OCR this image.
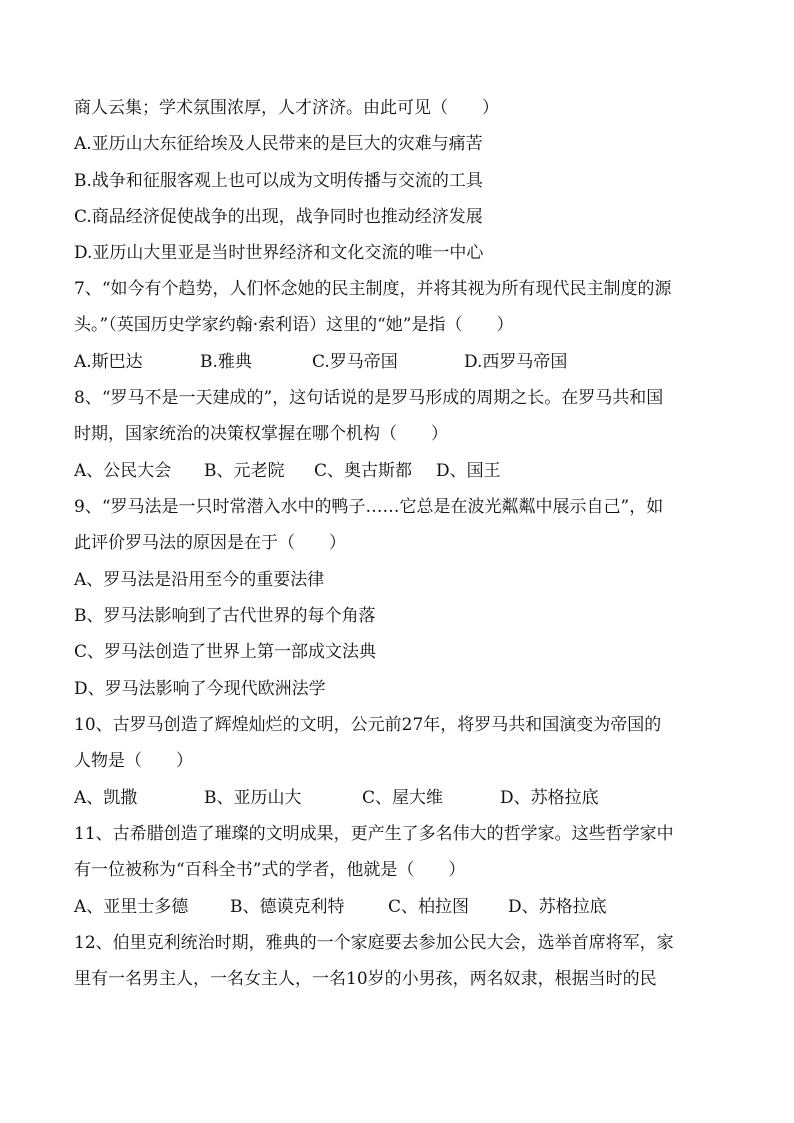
商人云集；学术氛围浓厚，人才济济。由此可见（　　）
A.亚历山大东征给埃及人民带来的是巨大的灾难与痛苦
B.战争和征服客观上也可以成为文明传播与交流的工具
C.商品经济促使战争的出现，战争同时也推动经济发展
D.亚历山大里亚是当时世界经济和文化交流的唯一中心
7、“如今有个趋势，人们怀念她的民主制度，并将其视为所有现代民主制度的源
头。”（英国历史学家约翰·索利语）这里的“她”是指（　　）
A.斯巴达	B.雅典	C.罗马帝国	D.西罗马帝国
8、“罗马不是一天建成的”，这句话说的是罗马形成的周期之长。在罗马共和国
时期，国家统治的决策权掌握在哪个机构（　　）
A、公民大会 B、元老院 C、奥古斯都 D、国王
9、“罗马法是一只时常潜入水中的鸭子……它总是在波光粼粼中展示自己”，如
此评价罗马法的原因是在于（　　）
A、罗马法是沿用至今的重要法律
B、罗马法影响到了古代世界的每个角落
C、罗马法创造了世界上第一部成文法典
D、罗马法影响了今现代欧洲法学
10、古罗马创造了辉煌灿烂的文明，公元前27年，将罗马共和国演变为帝国的
人物是（　　）
A、凯撒	B、亚历山大	C、屋大维	D、苏格拉底
11、古希腊创造了璀璨的文明成果，更产生了多名伟大的哲学家。这些哲学家中
有一位被称为“百科全书”式的学者，他就是（　　）
A、亚里士多德 B、德谟克利特	C、柏拉图 D、苏格拉底
12、伯里克利统治时期，雅典的一个家庭要去参加公民大会，选举首席将军，家
里有一名男主人，一名女主人，一名10岁的小男孩，两名奴隶，根据当时的民
